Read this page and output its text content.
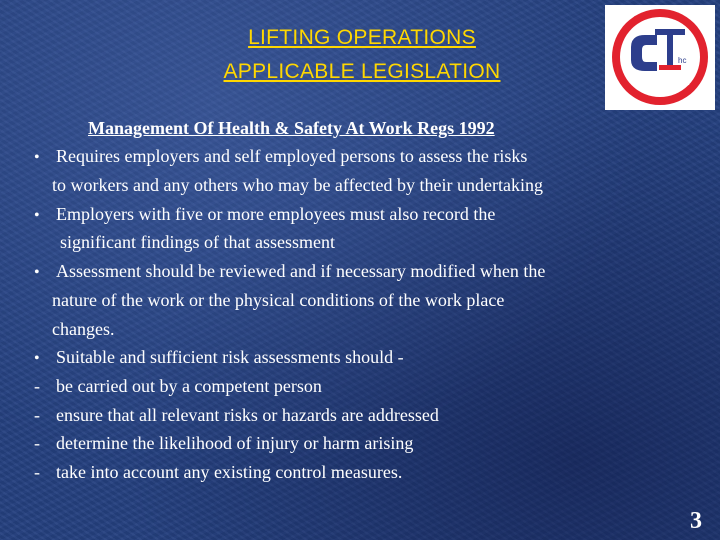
LIFTING OPERATIONS
APPLICABLE LEGISLATION	hc
CRANETRAIN
INC
Management Of Health & Safety At Work Regs 1992
• Requires employers and self employed persons to assess the risks
to workers and any others who may be affected by their undertaking
• Employers with five or more employees must also record the
significant findings of that assessment
• Assessment should be reviewed and if necessary modified when the
nature of the work or the physical conditions of the work place
changes.
• Suitable and sufficient risk assessments should -
- be carried out by a competent person
- ensure that all relevant risks or hazards are addressed
- determine the likelihood of injury or harm arising
- take into account any existing control measures.
3
